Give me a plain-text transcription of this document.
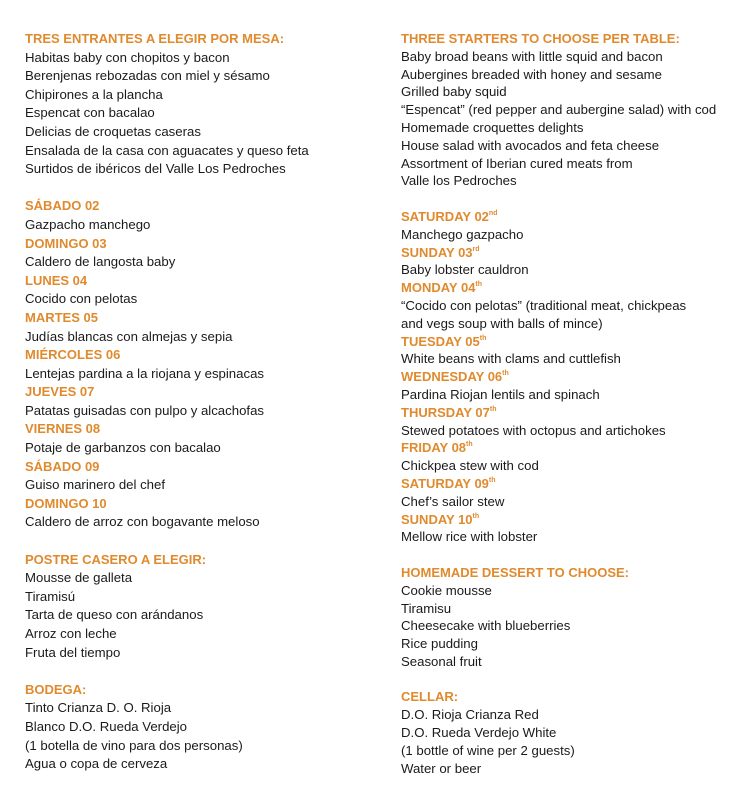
TRES ENTRANTES A ELEGIR POR MESA:

Habitas baby con chopitos y bacon

Berenjenas rebozadas con miel y sésamo

Chipirones a la plancha

Espencat con bacalao

Delicias de croquetas caseras

Ensalada de la casa con aguacates y queso feta

Surtidos de ibéricos del Valle Los Pedroches

SÁBADO 02

Gazpacho manchego

DOMINGO 03

Caldero de langosta baby

LUNES 04

Cocido con pelotas

MARTES 05

Judías blancas con almejas y sepia

MIÉRCOLES 06

Lentejas pardina a la riojana y espinacas

JUEVES 07

Patatas guisadas con pulpo y alcachofas

VIERNES 08

Potaje de garbanzos con bacalao

SÁBADO 09

Guiso marinero del chef

DOMINGO 10

Caldero de arroz con bogavante meloso

POSTRE CASERO A ELEGIR:

Mousse de galleta

Tiramisú

Tarta de queso con arándanos

Arroz con leche

Fruta del tiempo

BODEGA:

Tinto Crianza D. O. Rioja

Blanco D.O. Rueda Verdejo

(1 botella de vino para dos personas)

Agua o copa de cerveza

THREE STARTERS TO CHOOSE PER TABLE:

Baby broad beans with little squid and bacon

Aubergines breaded with honey and sesame

Grilled baby squid

“Espencat” (red pepper and aubergine salad) with cod

Homemade croquettes delights

House salad with avocados and feta cheese

Assortment of Iberian cured meats from

Valle los Pedroches

SATURDAY 02nd

Manchego gazpacho

SUNDAY 03rd

Baby lobster cauldron

MONDAY 04th

“Cocido con pelotas” (traditional meat, chickpeas

and vegs soup with balls of mince)

TUESDAY 05th

White beans with clams and cuttlefish

WEDNESDAY 06th

Pardina Riojan lentils and spinach

THURSDAY 07th

Stewed potatoes with octopus and artichokes

FRIDAY 08th

Chickpea stew with cod

SATURDAY 09th

Chef’s sailor stew

SUNDAY 10th

Mellow rice with lobster

HOMEMADE DESSERT TO CHOOSE:

Cookie mousse

Tiramisu

Cheesecake with blueberries

Rice pudding

Seasonal fruit

CELLAR:

D.O. Rioja Crianza Red

D.O. Rueda Verdejo White

(1 bottle of wine per 2 guests)

Water or beer
